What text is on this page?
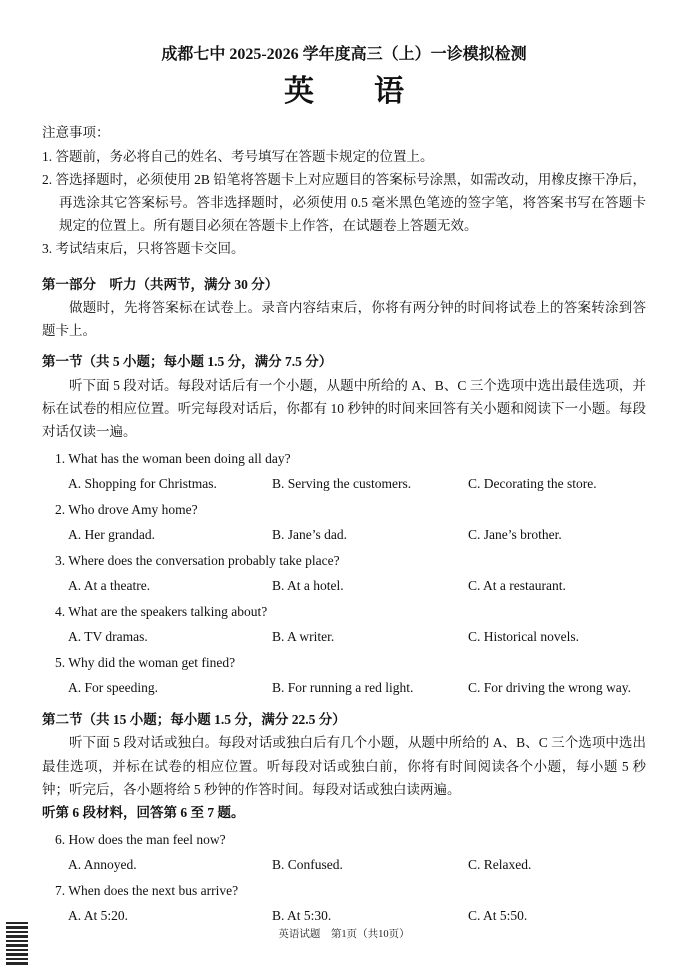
成都七中 2025-2026 学年度高三（上）一诊模拟检测
英　　语
注意事项：

1. 答题前，务必将自己的姓名、考号填写在答题卡规定的位置上。

2. 答选择题时，必须使用 2B 铅笔将答题卡上对应题目的答案标号涂黑，如需改动，用橡皮擦干净后，再选涂其它答案标号。答非选择题时，必须使用 0.5 毫米黑色笔迹的签字笔，将答案书写在答题卡规定的位置上。所有题目必须在答题卡上作答，在试题卷上答题无效。

3. 考试结束后，只将答题卡交回。

第一部分　听力（共两节，满分 30 分）

做题时，先将答案标在试卷上。录音内容结束后，你将有两分钟的时间将试卷上的答案转涂到答题卡上。

第一节（共 5 小题；每小题 1.5 分，满分 7.5 分）

听下面 5 段对话。每段对话后有一个小题，从题中所给的 A、B、C 三个选项中选出最佳选项，并标在试卷的相应位置。听完每段对话后，你都有 10 秒钟的时间来回答有关小题和阅读下一小题。每段对话仅读一遍。

1. What has the woman been doing all day?
A. Shopping for Christmas.	B. Serving the customers.	C. Decorating the store.
2. Who drove Amy home?
A. Her grandad.	B. Jane’s dad.	C. Jane’s brother.
3. Where does the conversation probably take place?
A. At a theatre.	B. At a hotel.	C. At a restaurant.
4. What are the speakers talking about?
A. TV dramas.	B. A writer.	C. Historical novels.
5. Why did the woman get fined?
A. For speeding.	B. For running a red light.	C. For driving the wrong way.
第二节（共 15 小题；每小题 1.5 分，满分 22.5 分）

听下面 5 段对话或独白。每段对话或独白后有几个小题，从题中所给的 A、B、C 三个选项中选出最佳选项，并标在试卷的相应位置。听每段对话或独白前，你将有时间阅读各个小题，每小题 5 秒钟；听完后，各小题将给 5 秒钟的作答时间。每段对话或独白读两遍。

听第 6 段材料，回答第 6 至 7 题。
6. How does the man feel now?
A. Annoyed.	B. Confused.	C. Relaxed.
7. When does the next bus arrive?
A. At 5:20.	B. At 5:30.	C. At 5:50.
英语试题　第1页（共10页）
